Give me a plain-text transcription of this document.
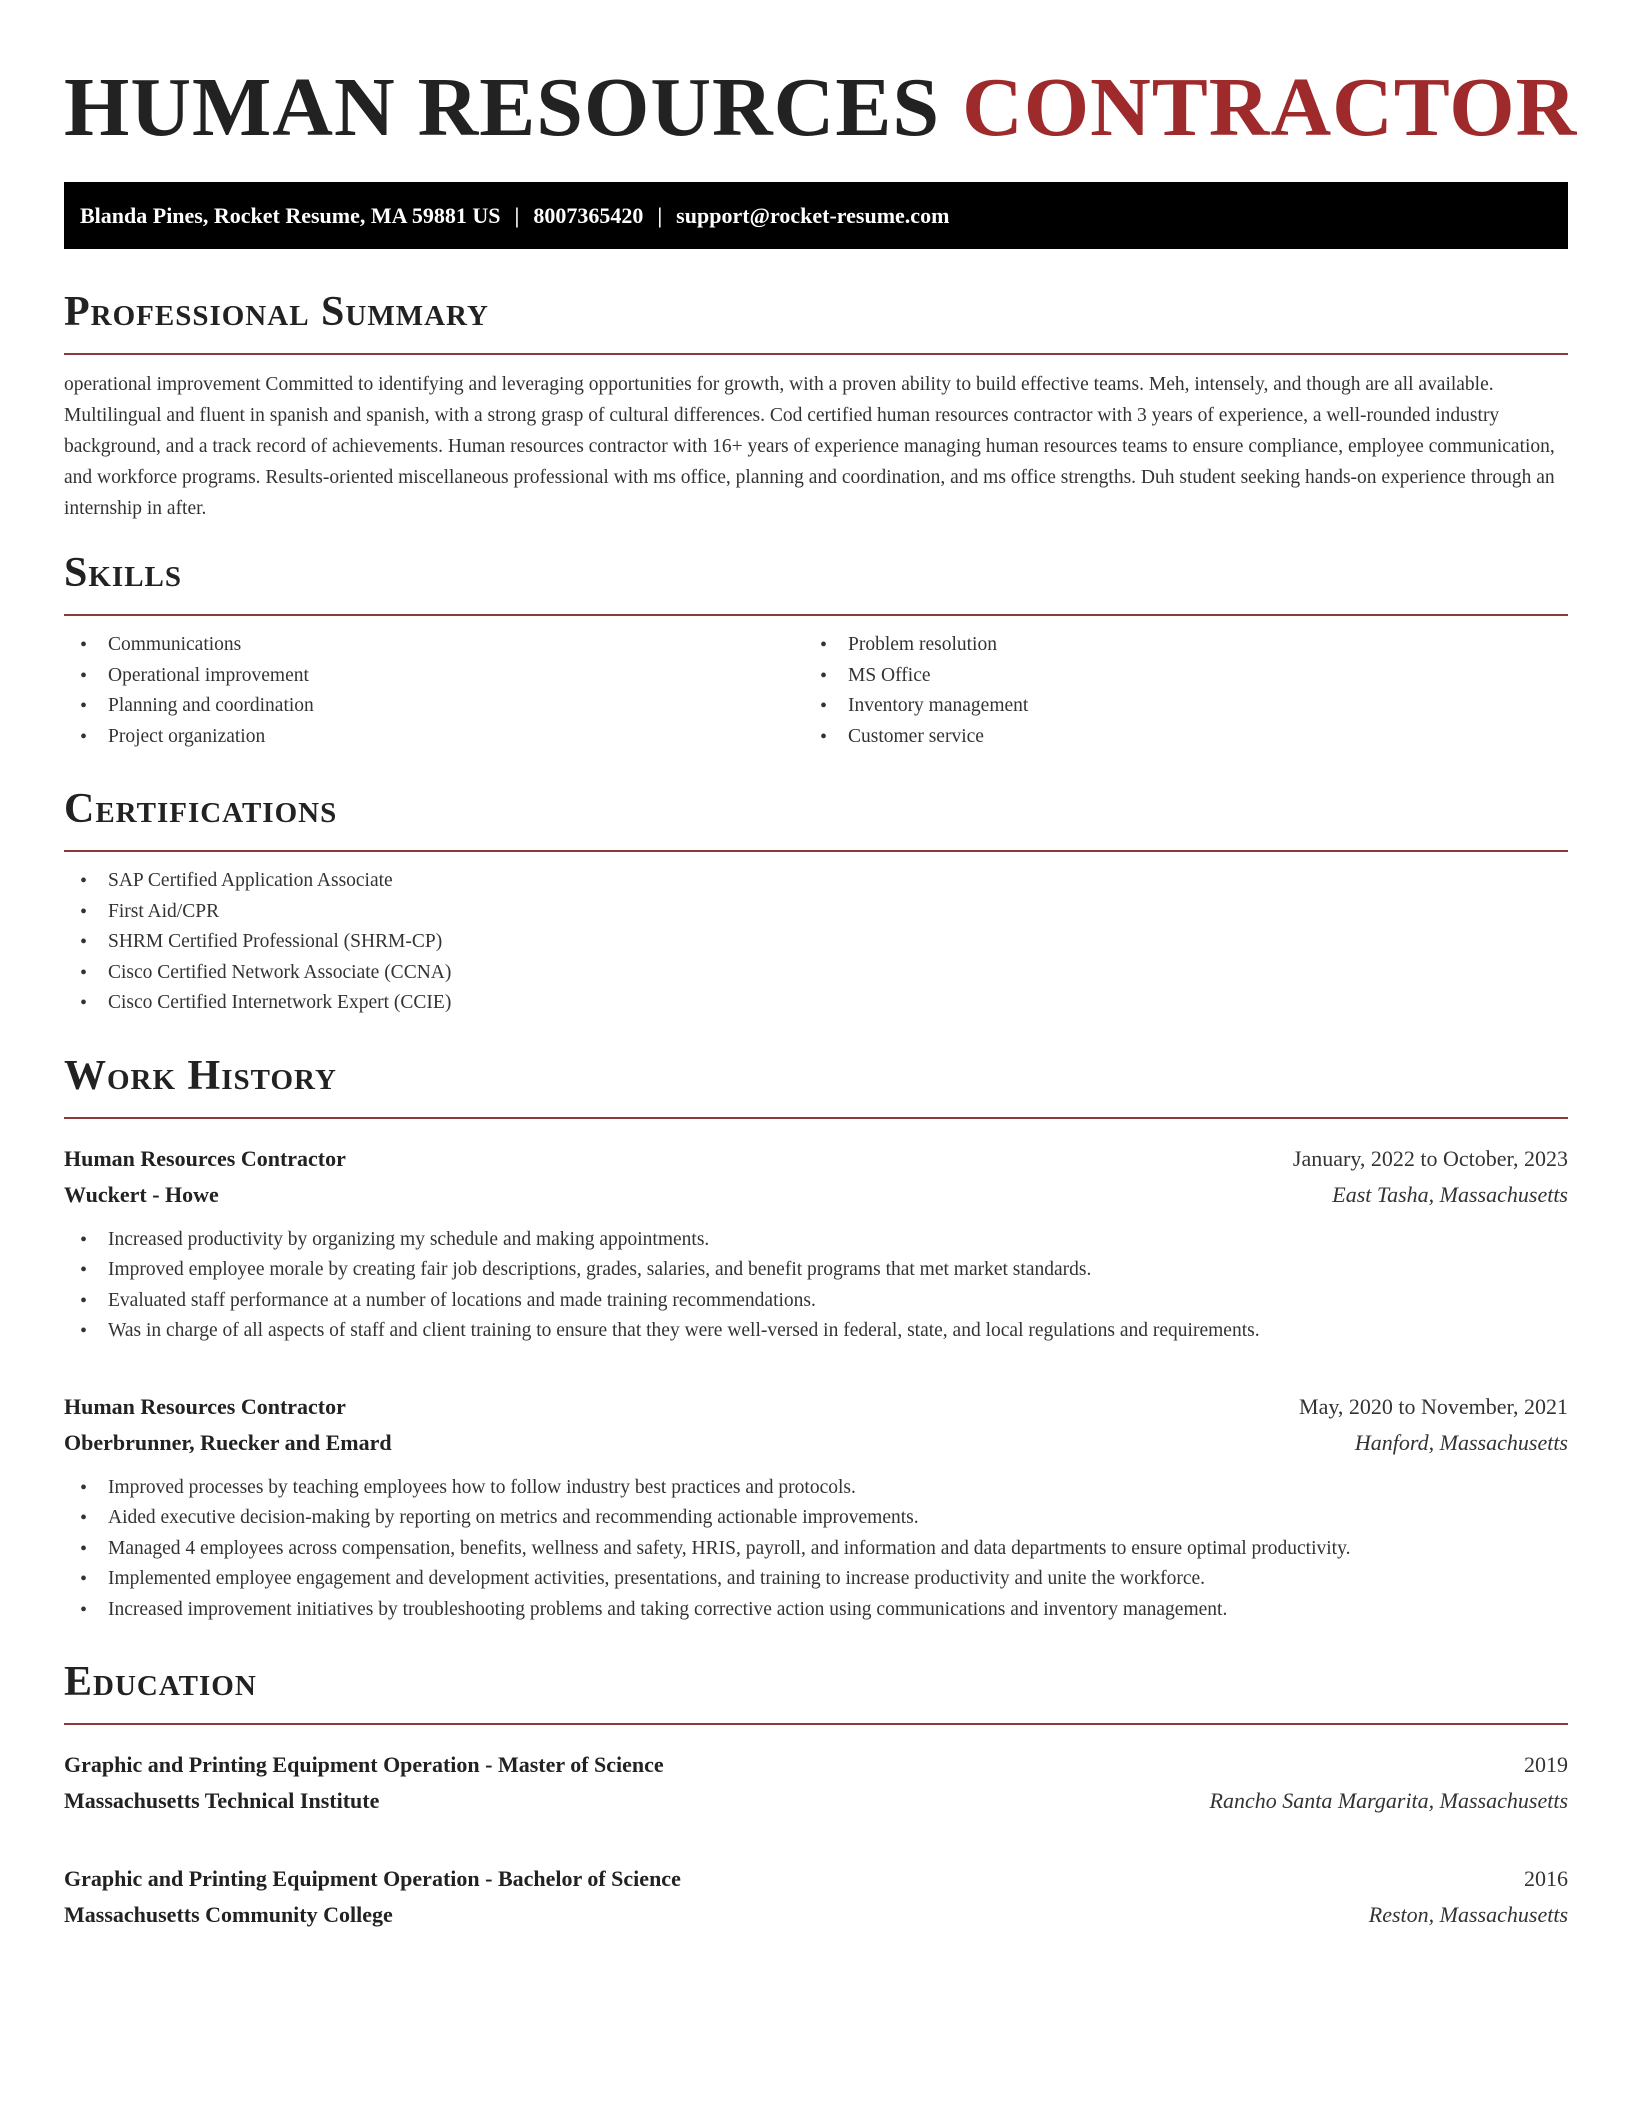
HUMAN RESOURCES CONTRACTOR
Blanda Pines, Rocket Resume, MA 59881 US | 8007365420 | support@rocket-resume.com
Professional Summary

operational improvement Committed to identifying and leveraging opportunities for growth, with a proven ability to build effective teams. Meh, intensely, and though are all available. Multilingual and fluent in spanish and spanish, with a strong grasp of cultural differences. Cod certified human resources contractor with 3 years of experience, a well-rounded industry background, and a track record of achievements. Human resources contractor with 16+ years of experience managing human resources teams to ensure compliance, employee communication, and workforce programs. Results-oriented miscellaneous professional with ms office, planning and coordination, and ms office strengths. Duh student seeking hands-on experience through an internship in after.

Skills
• Communications
• Operational improvement
• Planning and coordination
• Project organization
• Problem resolution
• MS Office
• Inventory management
• Customer service
Certifications
• SAP Certified Application Associate
• First Aid/CPR
• SHRM Certified Professional (SHRM-CP)
• Cisco Certified Network Associate (CCNA)
• Cisco Certified Internetwork Expert (CCIE)
Work History
Human Resources Contractor	January, 2022 to October, 2023
Wuckert - Howe	East Tasha, Massachusetts
• Increased productivity by organizing my schedule and making appointments.
• Improved employee morale by creating fair job descriptions, grades, salaries, and benefit programs that met market standards.
• Evaluated staff performance at a number of locations and made training recommendations.
• Was in charge of all aspects of staff and client training to ensure that they were well-versed in federal, state, and local regulations and requirements.
Human Resources Contractor	May, 2020 to November, 2021
Oberbrunner, Ruecker and Emard	Hanford, Massachusetts
• Improved processes by teaching employees how to follow industry best practices and protocols.
• Aided executive decision-making by reporting on metrics and recommending actionable improvements.
• Managed 4 employees across compensation, benefits, wellness and safety, HRIS, payroll, and information and data departments to ensure optimal productivity.
• Implemented employee engagement and development activities, presentations, and training to increase productivity and unite the workforce.
• Increased improvement initiatives by troubleshooting problems and taking corrective action using communications and inventory management.
Education
Graphic and Printing Equipment Operation - Master of Science	2019
Massachusetts Technical Institute	Rancho Santa Margarita, Massachusetts
Graphic and Printing Equipment Operation - Bachelor of Science	2016
Massachusetts Community College	Reston, Massachusetts
